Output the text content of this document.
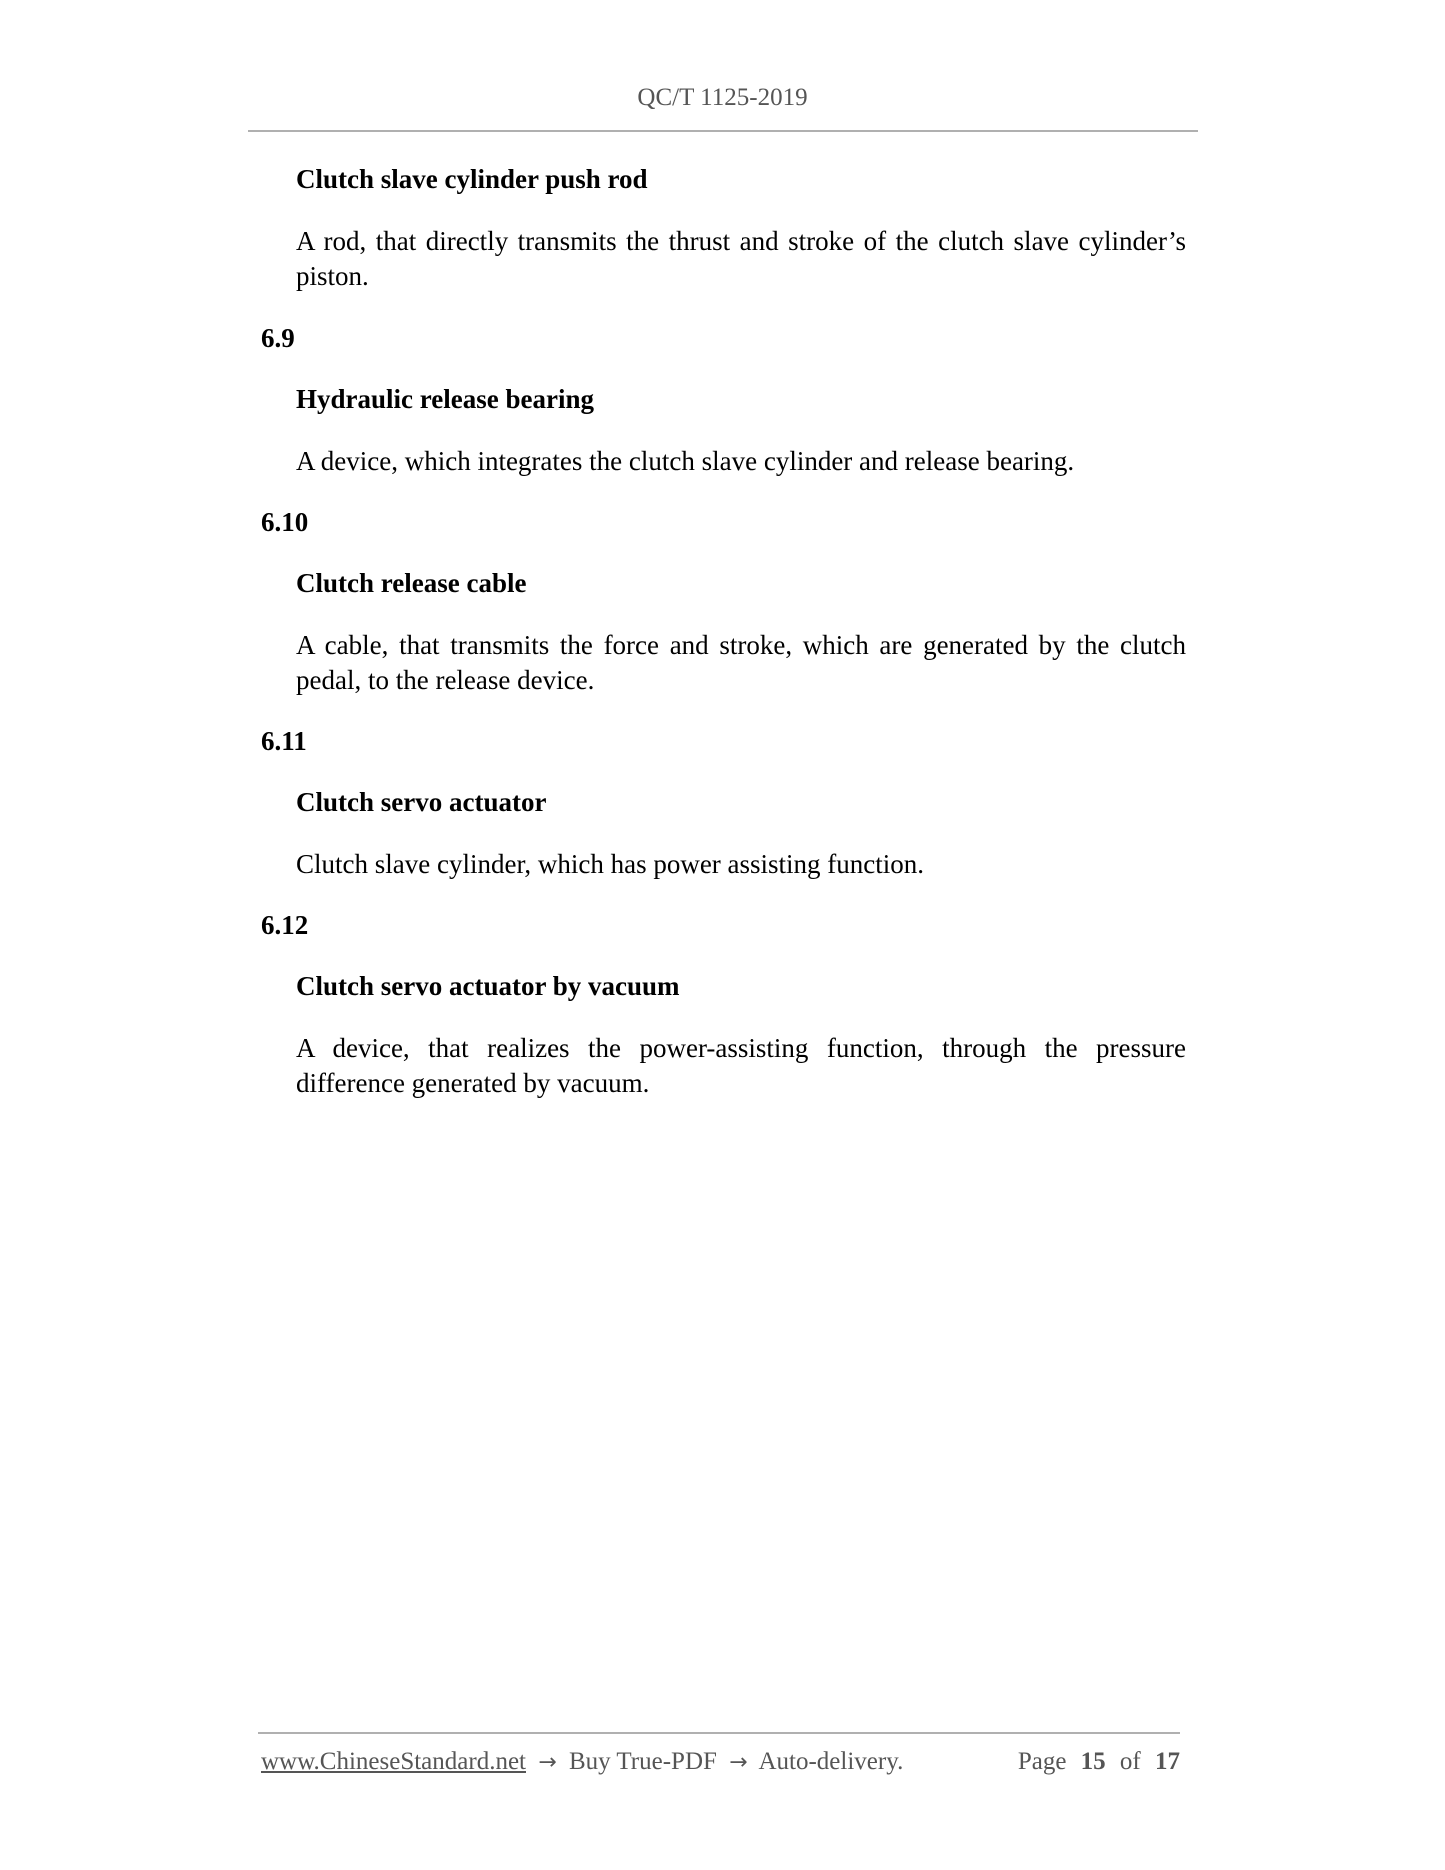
QC/T 1125-2019

Clutch slave cylinder push rod

A rod, that directly transmits the thrust and stroke of the clutch slave cylinder’s piston.

6.9

Hydraulic release bearing

A device, which integrates the clutch slave cylinder and release bearing.

6.10

Clutch release cable

A cable, that transmits the force and stroke, which are generated by the clutch pedal, to the release device.

6.11

Clutch servo actuator

Clutch slave cylinder, which has power assisting function.

6.12

Clutch servo actuator by vacuum

A device, that realizes the power-assisting function, through the pressure difference generated by vacuum.

www.ChineseStandard.net → Buy True-PDF → Auto-delivery.	Page 15 of 17
